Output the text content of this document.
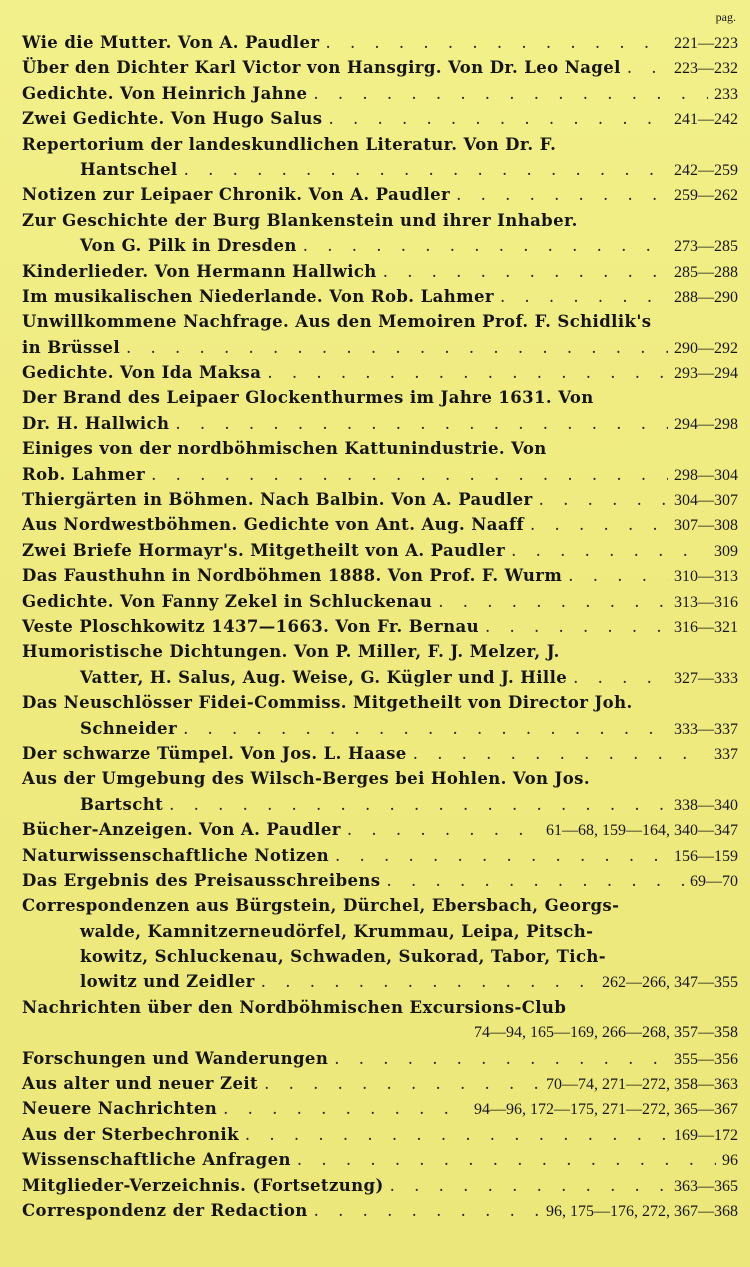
pag.
Wie die Mutter. Von A. Paudler . . .	221—223
Über den Dichter Karl Victor von Hansgirg. Von Dr. Leo Nagel . . .	223—232
Gedichte. Von Heinrich Jahne . . .	233
Zwei Gedichte. Von Hugo Salus . . .	241—242
Repertorium der landeskundlichen Literatur. Von Dr. F.
Hantschel . . .	242—259
Notizen zur Leipaer Chronik. Von A. Paudler . . .	259—262
Zur Geschichte der Burg Blankenstein und ihrer Inhaber.
Von G. Pilk in Dresden . . .	273—285
Kinderlieder. Von Hermann Hallwich . . .	285—288
Im musikalischen Niederlande. Von Rob. Lahmer . . .	288—290
Unwillkommene Nachfrage. Aus den Memoiren Prof. F. Schidlik's
in Brüssel . . .	290—292
Gedichte. Von Ida Maksa . . .	293—294
Der Brand des Leipaer Glockenthurmes im Jahre 1631. Von
Dr. H. Hallwich . . .	294—298
Einiges von der nordböhmischen Kattunindustrie. Von
Rob. Lahmer . . .	298—304
Thiergärten in Böhmen. Nach Balbin. Von A. Paudler . . .	304—307
Aus Nordwestböhmen. Gedichte von Ant. Aug. Naaff . . .	307—308
Zwei Briefe Hormayr's. Mitgetheilt von A. Paudler . . .	309
Das Fausthuhn in Nordböhmen 1888. Von Prof. F. Wurm . . .	310—313
Gedichte. Von Fanny Zekel in Schluckenau . . .	313—316
Veste Ploschkowitz 1437—1663. Von Fr. Bernau . . .	316—321
Humoristische Dichtungen. Von P. Miller, F. J. Melzer, J.
Vatter, H. Salus, Aug. Weise, G. Kügler und J. Hille . . .	327—333
Das Neuschlösser Fidei-Commiss. Mitgetheilt von Director Joh.
Schneider . . .	333—337
Der schwarze Tümpel. Von Jos. L. Haase . . .	337
Aus der Umgebung des Wilsch-Berges bei Hohlen. Von Jos.
Bartscht . . .	338—340
Bücher-Anzeigen. Von A. Paudler . . .	61—68, 159—164, 340—347
Naturwissenschaftliche Notizen . . .	156—159
Das Ergebnis des Preisausschreibens . . .	69—70
Correspondenzen aus Bürgstein, Dürchel, Ebersbach, Georgs-
walde, Kamnitzerneudörfel, Krummau, Leipa, Pitsch-
kowitz, Schluckenau, Schwaden, Sukorad, Tabor, Tich-
lowitz und Zeidler . . .	262—266, 347—355
Nachrichten über den Nordböhmischen Excursions-Club
74—94, 165—169, 266—268, 357—358
Forschungen und Wanderungen . . .	355—356
Aus alter und neuer Zeit . . .	70—74, 271—272, 358—363
Neuere Nachrichten . . .	94—96, 172—175, 271—272, 365—367
Aus der Sterbechronik . . .	169—172
Wissenschaftliche Anfragen . . .	96
Mitglieder-Verzeichnis. (Fortsetzung) . . .	363—365
Correspondenz der Redaction . . .	96, 175—176, 272, 367—368
